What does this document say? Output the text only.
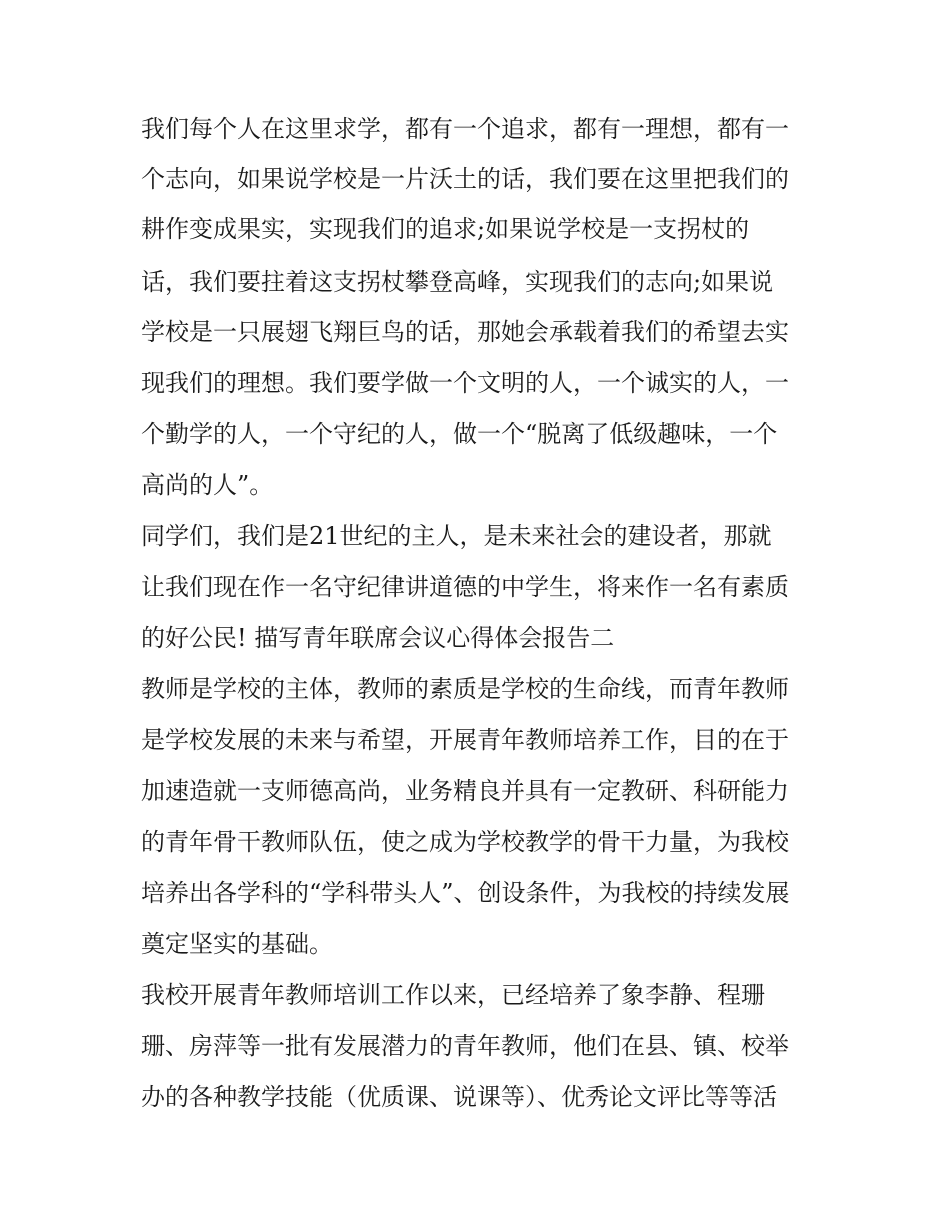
我们每个人在这里求学，都有一个追求，都有一理想，都有一
个志向，如果说学校是一片沃土的话，我们要在这里把我们的
耕作变成果实，实现我们的追求;如果说学校是一支拐杖的
话，我们要拄着这支拐杖攀登高峰，实现我们的志向;如果说
学校是一只展翅飞翔巨鸟的话，那她会承载着我们的希望去实
现我们的理想。我们要学做一个文明的人，一个诚实的人，一
个勤学的人，一个守纪的人，做一个“脱离了低级趣味，一个
高尚的人”。
同学们，我们是21世纪的主人，是未来社会的建设者，那就
让我们现在作一名守纪律讲道德的中学生，将来作一名有素质
的好公民! 描写青年联席会议心得体会报告二
教师是学校的主体，教师的素质是学校的生命线，而青年教师
是学校发展的未来与希望，开展青年教师培养工作，目的在于
加速造就一支师德高尚，业务精良并具有一定教研、科研能力
的青年骨干教师队伍，使之成为学校教学的骨干力量，为我校
培养出各学科的“学科带头人”、创设条件，为我校的持续发展
奠定坚实的基础。
我校开展青年教师培训工作以来，已经培养了象李静、程珊
珊、房萍等一批有发展潜力的青年教师，他们在县、镇、校举
办的各种教学技能（优质课、说课等）、优秀论文评比等等活
